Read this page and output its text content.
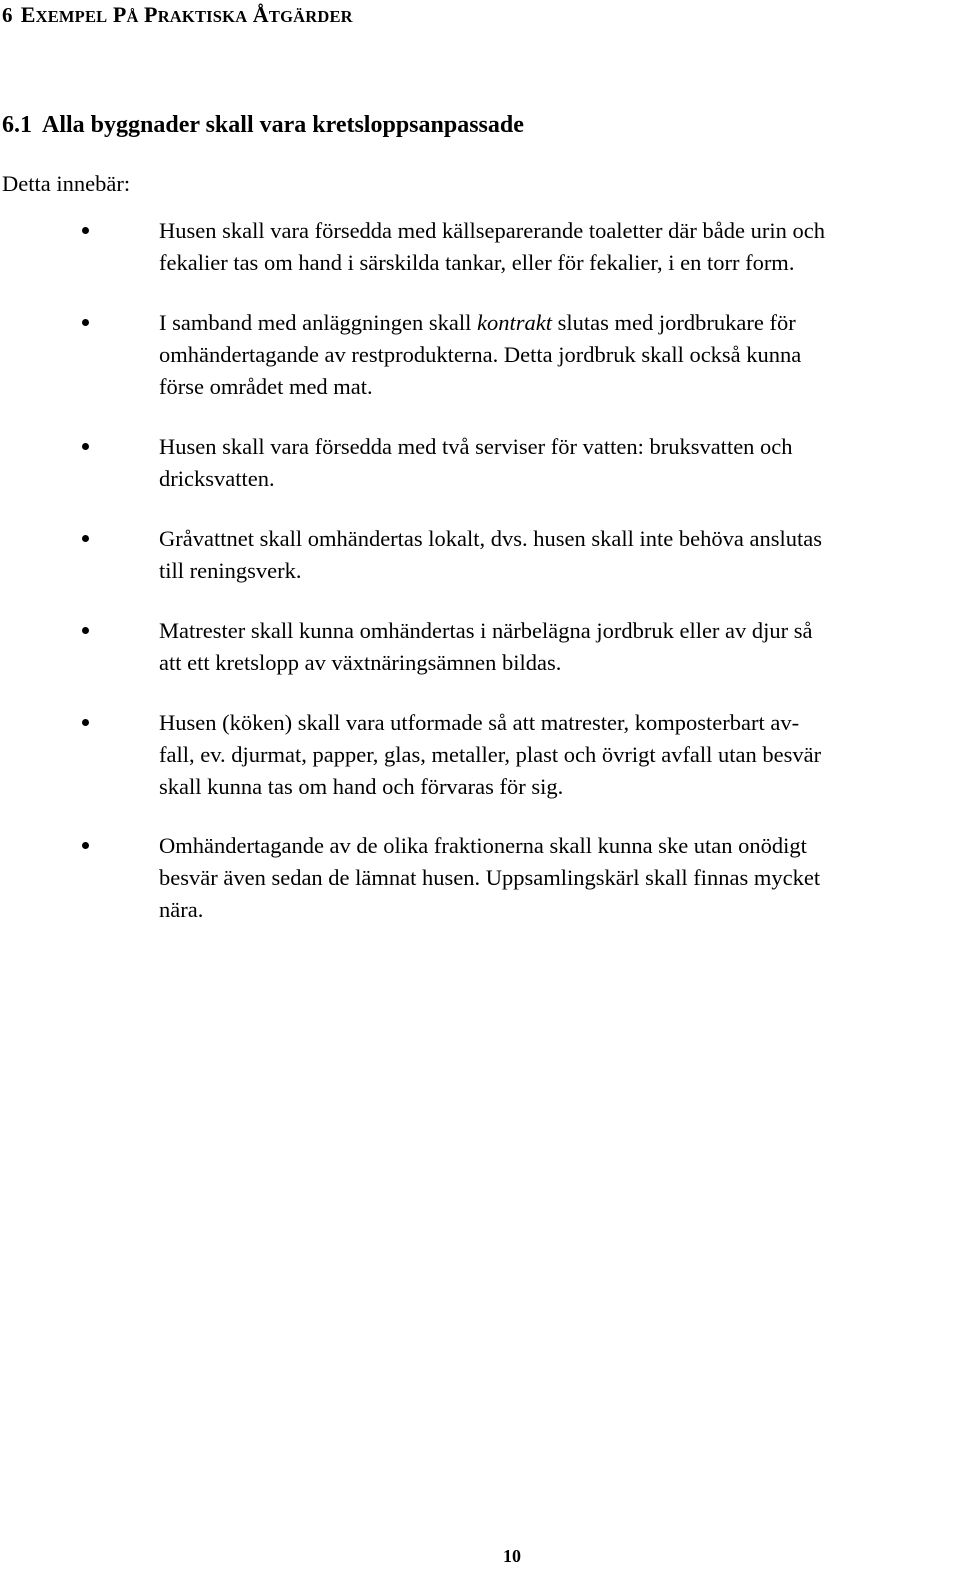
6 EXEMPEL PÅ PRAKTISKA ÅTGÄRDER
6.1 Alla byggnader skall vara kretsloppsanpassade
Detta innebär:
Husen skall vara försedda med källseparerande toaletter där både urin och
fekalier tas om hand i särskilda tankar, eller för fekalier, i en torr form.
I samband med anläggningen skall kontrakt slutas med jordbrukare för
omhändertagande av restprodukterna. Detta jordbruk skall också kunna
förse området med mat.
Husen skall vara försedda med två serviser för vatten: bruksvatten och
dricksvatten.
Gråvattnet skall omhändertas lokalt, dvs. husen skall inte behöva anslutas
till reningsverk.
Matrester skall kunna omhändertas i närbelägna jordbruk eller av djur så
att ett kretslopp av växtnäringsämnen bildas.
Husen (köken) skall vara utformade så att matrester, komposterbart av-
fall, ev. djurmat, papper, glas, metaller, plast och övrigt avfall utan besvär
skall kunna tas om hand och förvaras för sig.
Omhändertagande av de olika fraktionerna skall kunna ske utan onödigt
besvär även sedan de lämnat husen. Uppsamlingskärl skall finnas mycket
nära.
10
